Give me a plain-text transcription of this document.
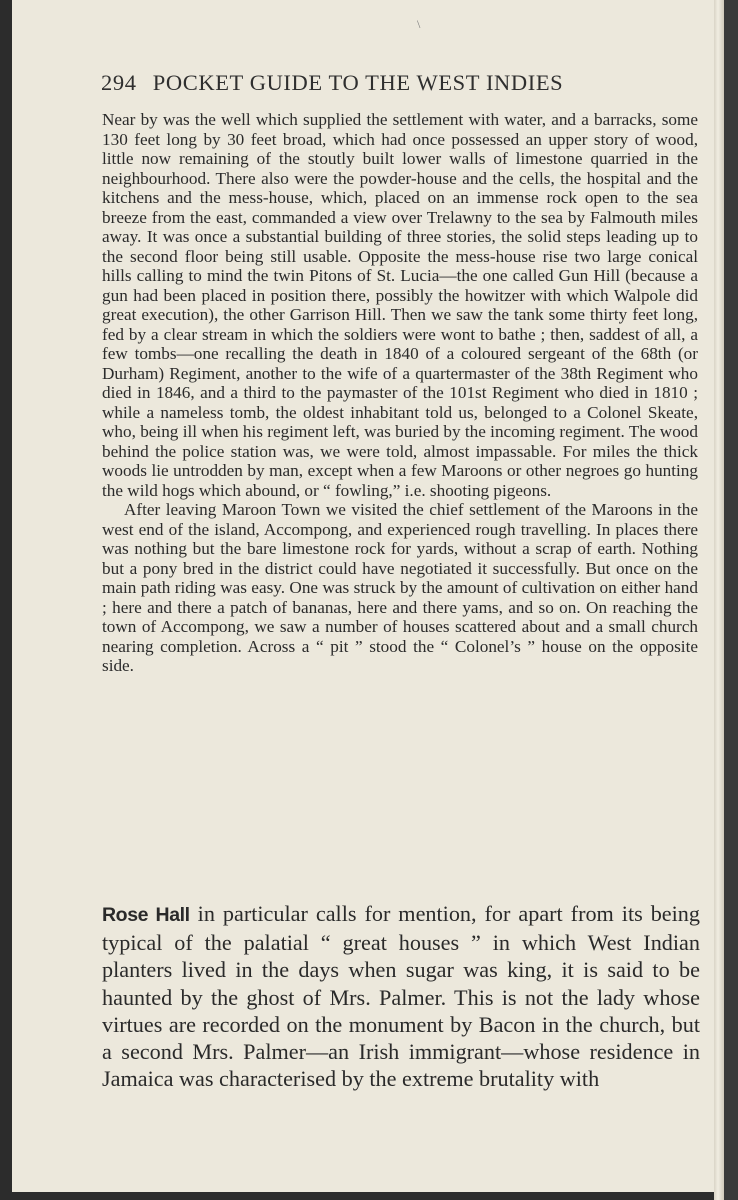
\
294 POCKET GUIDE TO THE WEST INDIES

Near by was the well which supplied the settlement with water, and a barracks, some 130 feet long by 30 feet broad, which had once possessed an upper story of wood, little now remaining of the stoutly built lower walls of limestone quarried in the neighbourhood. There also were the powder-house and the cells, the hospital and the kitchens and the mess-house, which, placed on an immense rock open to the sea breeze from the east, commanded a view over Trelawny to the sea by Falmouth miles away. It was once a substantial building of three stories, the solid steps leading up to the second floor being still usable. Opposite the mess-house rise two large conical hills calling to mind the twin Pitons of St. Lucia—the one called Gun Hill (because a gun had been placed in position there, possibly the howitzer with which Walpole did great execution), the other Garrison Hill. Then we saw the tank some thirty feet long, fed by a clear stream in which the soldiers were wont to bathe ; then, saddest of all, a few tombs—one recalling the death in 1840 of a coloured sergeant of the 68th (or Durham) Regiment, another to the wife of a quartermaster of the 38th Regiment who died in 1846, and a third to the paymaster of the 101st Regiment who died in 1810 ; while a nameless tomb, the oldest inhabitant told us, belonged to a Colonel Skeate, who, being ill when his regiment left, was buried by the incoming regiment. The wood behind the police station was, we were told, almost impassable. For miles the thick woods lie untrodden by man, except when a few Maroons or other negroes go hunting the wild hogs which abound, or “ fowling,” i.e. shooting pigeons.

After leaving Maroon Town we visited the chief settlement of the Maroons in the west end of the island, Accompong, and experienced rough travelling. In places there was nothing but the bare limestone rock for yards, without a scrap of earth. Nothing but a pony bred in the district could have negotiated it successfully. But once on the main path riding was easy. One was struck by the amount of cultivation on either hand ; here and there a patch of bananas, here and there yams, and so on. On reaching the town of Accompong, we saw a number of houses scattered about and a small church nearing completion. Across a “ pit ” stood the “ Colonel’s ” house on the opposite side.

Rose Hall in particular calls for mention, for apart from its being typical of the palatial “ great houses ” in which West Indian planters lived in the days when sugar was king, it is said to be haunted by the ghost of Mrs. Palmer. This is not the lady whose virtues are recorded on the monument by Bacon in the church, but a second Mrs. Palmer—an Irish immigrant—whose residence in Jamaica was characterised by the extreme brutality with
